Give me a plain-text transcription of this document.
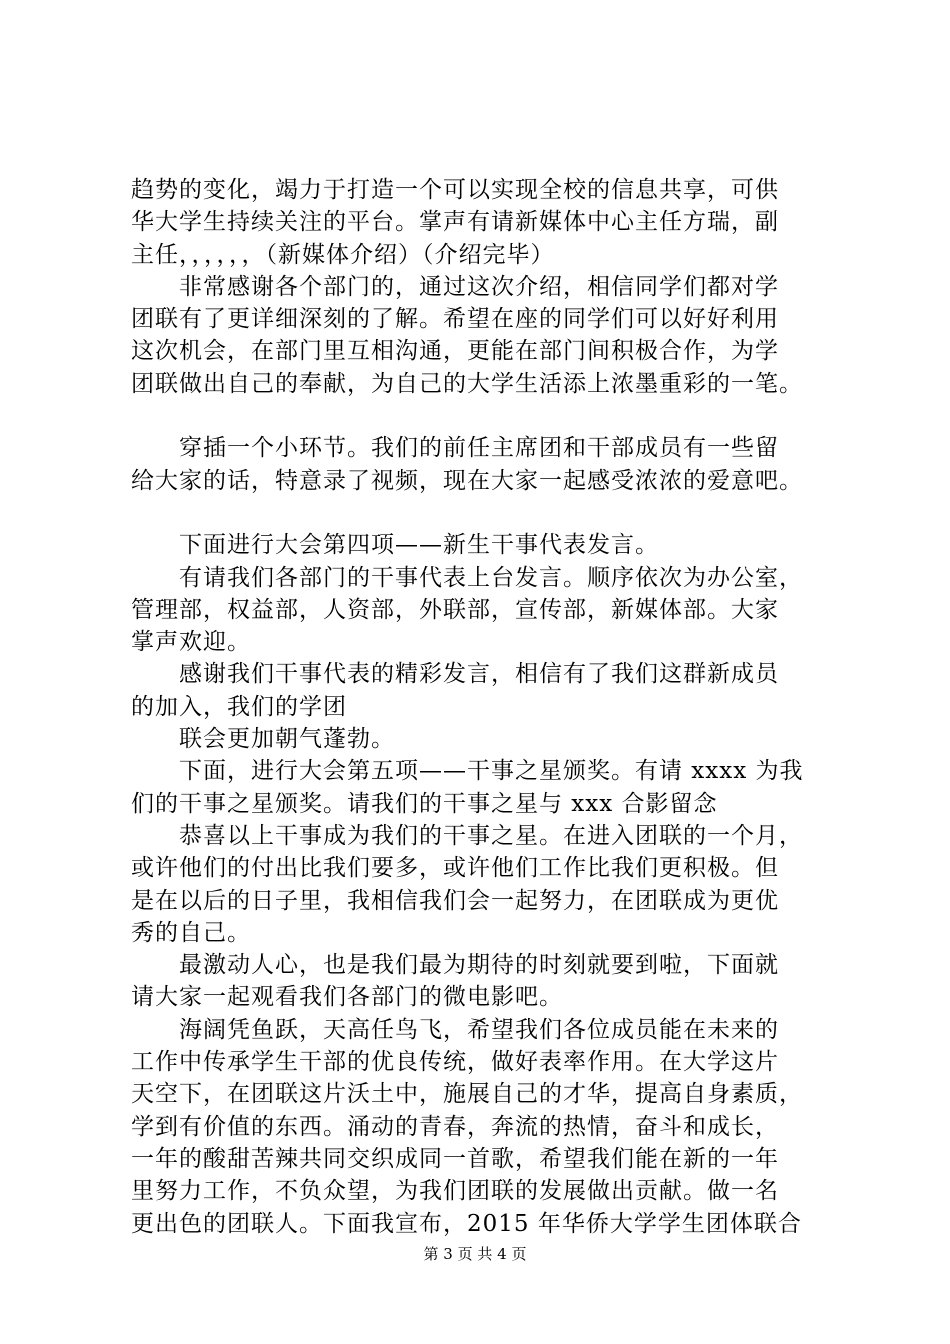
趋势的变化，竭力于打造一个可以实现全校的信息共享，可供
华大学生持续关注的平台。掌声有请新媒体中心主任方瑞，副
主任，，，，，，（新媒体介绍）（介绍完毕）
非常感谢各个部门的，通过这次介绍，相信同学们都对学
团联有了更详细深刻的了解。希望在座的同学们可以好好利用
这次机会，在部门里互相沟通，更能在部门间积极合作，为学
团联做出自己的奉献，为自己的大学生活添上浓墨重彩的一笔。
穿插一个小环节。我们的前任主席团和干部成员有一些留
给大家的话，特意录了视频，现在大家一起感受浓浓的爱意吧。
下面进行大会第四项——新生干事代表发言。
有请我们各部门的干事代表上台发言。顺序依次为办公室，
管理部，权益部，人资部，外联部，宣传部，新媒体部。大家
掌声欢迎。
感谢我们干事代表的精彩发言，相信有了我们这群新成员
的加入，我们的学团
联会更加朝气蓬勃。
下面，进行大会第五项——干事之星颁奖。有请 xxxx 为我
们的干事之星颁奖。请我们的干事之星与 xxx 合影留念
恭喜以上干事成为我们的干事之星。在进入团联的一个月，
或许他们的付出比我们要多，或许他们工作比我们更积极。但
是在以后的日子里，我相信我们会一起努力，在团联成为更优
秀的自己。
最激动人心，也是我们最为期待的时刻就要到啦，下面就
请大家一起观看我们各部门的微电影吧。
海阔凭鱼跃，天高任鸟飞，希望我们各位成员能在未来的
工作中传承学生干部的优良传统，做好表率作用。在大学这片
天空下，在团联这片沃土中，施展自己的才华，提高自身素质，
学到有价值的东西。涌动的青春，奔流的热情，奋斗和成长，
一年的酸甜苦辣共同交织成同一首歌，希望我们能在新的一年
里努力工作，不负众望，为我们团联的发展做出贡献。做一名
更出色的团联人。下面我宣布，2015 年华侨大学学生团体联合
第 3 页 共 4 页
